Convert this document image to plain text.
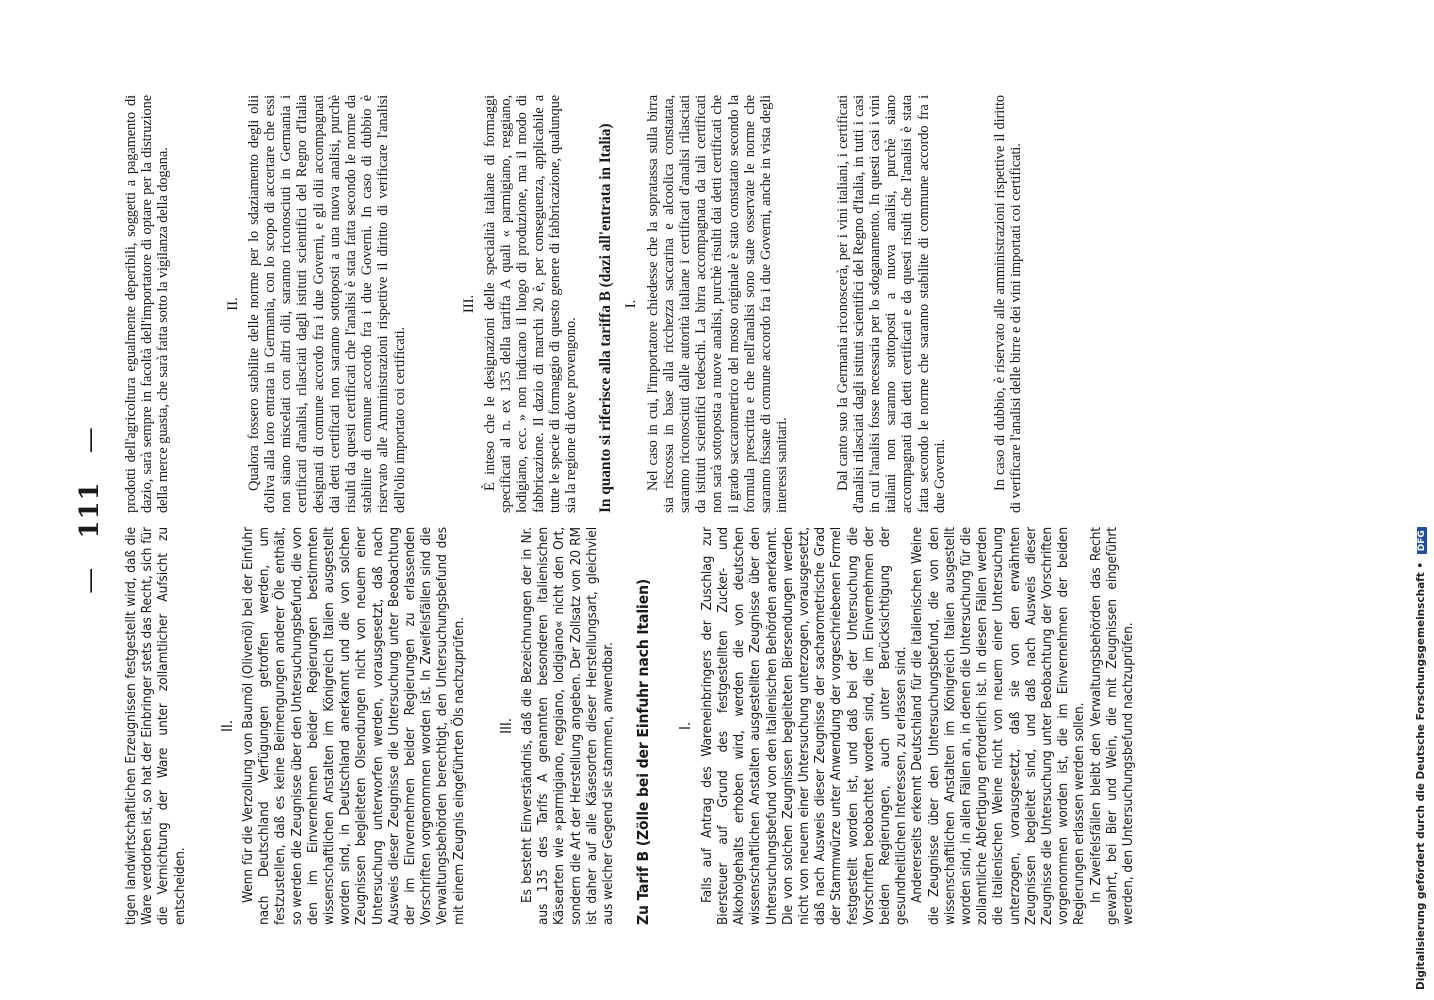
— 111 —

tigen landwirtschaftlichen Erzeugnissen festgestellt wird, daß die Ware verdorben ist, so hat der Einbringer stets das Recht, sich für die Vernichtung der Ware unter zollamtlicher Aufsicht zu entscheiden.

II. Wenn für die Verzollung von Baumöl (Olivenöl) bei der Einfuhr nach Deutschland Verfügungen getroffen werden, um festzustellen, daß es keine Beimengungen anderer Öle enthält, so werden die Zeugnisse über den Untersuchungsbefund, die von den im Einvernehmen beider Regierungen bestimmten wissenschaftlichen Anstalten im Königreich Italien ausgestellt worden sind, in Deutschland anerkannt und die von solchen Zeugnissen begleiteten Olsendungen nicht von neuem einer Untersuchung unterworfen werden, vorausgesetzt, daß nach Ausweis dieser Zeugnisse die Untersuchung unter Beobachtung der im Einvernehmen beider Regierungen zu erlassenden Vorschriften vorgenommen worden ist. In Zweifelsfällen sind die Verwaltungsbehörden berechtigt, den Untersuchungsbefund des mit einem Zeugnis eingeführten Öls nachzuprüfen. III. Es besteht Einverständnis, daß die Bezeichnungen der in Nr. aus 135 des Tarifs A genannten besonderen italienischen Käsearten wie »parmigiano, reggiano, lodigiano« nicht den Ort, sondern die Art der Herstellung angeben. Der Zollsatz von 20 RM ist daher auf alle Käsesorten dieser Herstellungsart, gleichviel aus welcher Gegend sie stammen, anwendbar. Zu Tarif B (Zölle bei der Einfuhr nach Italien) I. Falls auf Antrag des Wareneinbringers der Zuschlag zur Biersteuer auf Grund des festgestellten Zucker- und Alkoholgehalts erhoben wird, werden die von deutschen wissenschaftlichen Anstalten ausgestellten Zeugnisse über den Untersuchungsbefund von den italienischen Behörden anerkannt. Die von solchen Zeugnissen begleiteten Biersendungen werden nicht von neuem einer Untersuchung unterzogen, vorausgesetzt, daß nach Ausweis dieser Zeugnisse der sacharometrische Grad der Stammwürze unter Anwendung der vorgeschriebenen Formel festgestellt worden ist, und daß bei der Untersuchung die Vorschriften beobachtet worden sind, die im Einvernehmen der beiden Regierungen, auch unter Berücksichtigung der gesundheitlichen Interessen, zu erlassen sind. Andererseits erkennt Deutschland für die italienischen Weine die Zeugnisse über den Untersuchungsbefund, die von den wissenschaftlichen Anstalten im Königreich Italien ausgestellt worden sind, in allen Fällen an, in denen die Untersuchung für die zollamtliche Abfertigung erforderlich ist. In diesen Fällen werden die italienischen Weine nicht von neuem einer Untersuchung unterzogen, vorausgesetzt, daß sie von den erwähnten Zeugnissen begleitet sind, und daß nach Ausweis dieser Zeugnisse die Untersuchung unter Beobachtung der Vorschriften vorgenommen worden ist, die im Einvernehmen der beiden Regierungen erlassen werden sollen. In Zweifelsfällen bleibt den Verwaltungsbehörden das Recht gewahrt, bei Bier und Wein, die mit Zeugnissen eingeführt werden, den Untersuchungsbefund nachzuprüfen.

prodotti dell'agricoltura egualmente deperibili, soggetti a pagamento di dazio, sarà sempre in facoltà dell'importatore di optare per la distruzione della merce guasta, che sarà fatta sotto la vigilanza della dogana.	II. Qualora fossero stabilite delle norme per lo sdaziamento degli olii d'oliva alla loro entrata in Germania, con lo scopo di accertare che essi non siano miscelati con altri olii, saranno riconosciuti in Germania i certificati d'analisi, rilasciati dagli istituti scientifici del Regno d'Italia designati di comune accordo fra i due Governi, e gli olii accompagnati dai detti certificati non saranno sottoposti a una nuova analisi, purchè risulti da questi certificati che l'analisi è stata fatta secondo le norme da stabilire di comune accordo fra i due Governi. In caso di dubbio è riservato alle Amministrazioni rispettive il diritto di verificare l'analisi dell'olio importato coi certificati.

III. È inteso che le designazioni delle specialità italiane di formaggi specificati al n. ex 135 della tariffa A quali « parmigiano, reggiano, lodigiano, ecc. » non indicano il luogo di produzione, ma il modo di fabbricazione. Il dazio di marchi 20 è, per conseguenza, applicabile a tutte le specie di formaggio di questo genere di fabbricazione, qualunque sia la regione di dove provengono. In quanto si riferisce alla tariffa B (dazi all'entrata in Italia) I. Nel caso in cui, l'importatore chiedesse che la sopratassa sulla birra sia riscossa in base alla ricchezza saccarina e alcoolica constatata, saranno riconosciuti dalle autorità italiane i certificati d'analisi rilasciati da istituti scientifici tedeschi. La birra accompagnata da tali certificati non sarà sottoposta a nuove analisi, purchè risulti dai detti certificati che il grado saccarometrico del mosto originale è stato constatato secondo la formula prescritta e che nell'analisi sono state osservate le norme che saranno fissate di comune accordo fra i due Governi, anche in vista degli interessi sanitari.	Dal canto suo la Germania riconoscerà, per i vini italiani, i certificati d'analisi rilasciati dagli istituti scientifici del Regno d'Italia, in tutti i casi in cui l'analisi fosse necessaria per lo sdoganamento. In questi casi i vini italiani non saranno sottoposti a nuova analisi, purchè siano accompagnati dai detti certificati e da questi risulti che l'analisi è stata fatta secondo le norme che saranno stabilite di commune accordo fra i due Governi.	In caso di dubbio, è riservato alle amministrazioni rispettive il diritto di verificare l'analisi delle birre e dei vini importati coi certificati.

Digitalisierung gefördert durch die Deutsche Forschungsgemeinschaft • DFG
